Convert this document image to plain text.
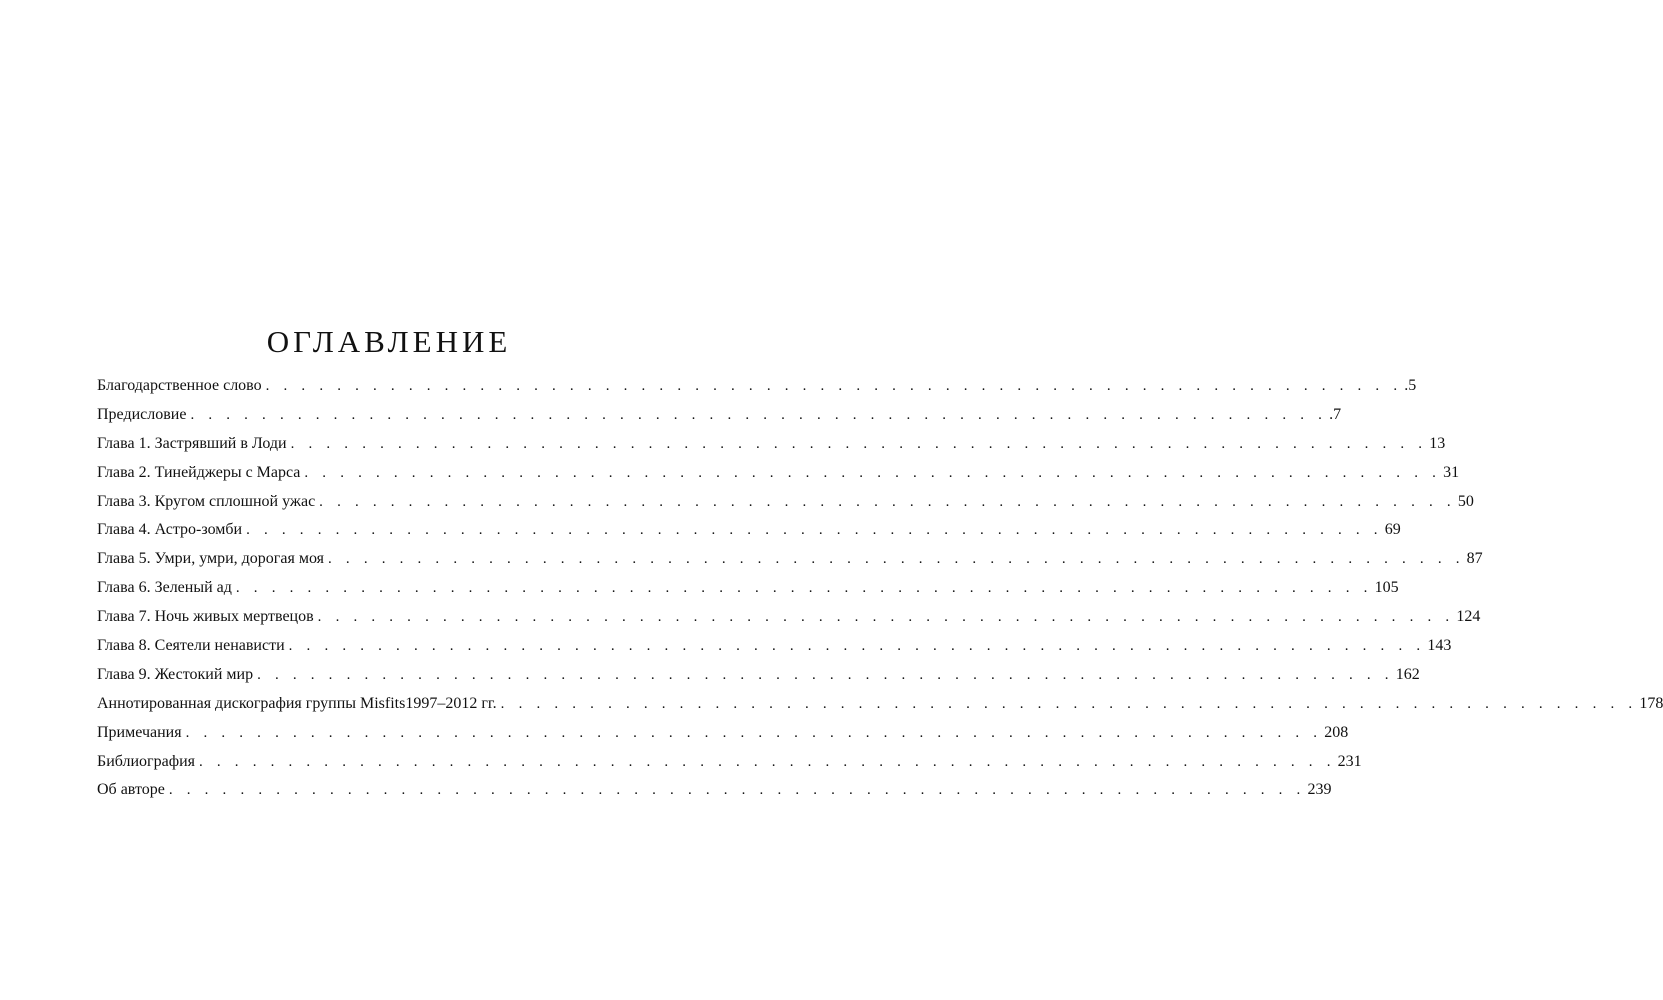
ОГЛАВЛЕНИЕ
Благодарственное слово . . . . . . . . . . . . . . . . . . . . . . . . . . . . . . . . . . . . . . . . . . . . . . . . . . . . . . . . . . . . . . . . .5
Предисловие . . . . . . . . . . . . . . . . . . . . . . . . . . . . . . . . . . . . . . . . . . . . . . . . . . . . . . . . . . . . . . . . .7
Глава 1. Застрявший в Лоди . . . . . . . . . . . . . . . . . . . . . . . . . . . . . . . . . . . . . . . . . . . . . . . . . . . . . . . . . . . . . . . . 13
Глава 2. Тинейджеры с Марса . . . . . . . . . . . . . . . . . . . . . . . . . . . . . . . . . . . . . . . . . . . . . . . . . . . . . . . . . . . . . . . . 31
Глава 3. Кругом сплошной ужас . . . . . . . . . . . . . . . . . . . . . . . . . . . . . . . . . . . . . . . . . . . . . . . . . . . . . . . . . . . . . . . . 50
Глава 4. Астро-зомби . . . . . . . . . . . . . . . . . . . . . . . . . . . . . . . . . . . . . . . . . . . . . . . . . . . . . . . . . . . . . . . . 69
Глава 5. Умри, умри, дорогая моя . . . . . . . . . . . . . . . . . . . . . . . . . . . . . . . . . . . . . . . . . . . . . . . . . . . . . . . . . . . . . . . . 87
Глава 6. Зеленый ад . . . . . . . . . . . . . . . . . . . . . . . . . . . . . . . . . . . . . . . . . . . . . . . . . . . . . . . . . . . . . . . . 105
Глава 7. Ночь живых мертвецов . . . . . . . . . . . . . . . . . . . . . . . . . . . . . . . . . . . . . . . . . . . . . . . . . . . . . . . . . . . . . . . . 124
Глава 8. Сеятели ненависти . . . . . . . . . . . . . . . . . . . . . . . . . . . . . . . . . . . . . . . . . . . . . . . . . . . . . . . . . . . . . . . . 143
Глава 9. Жестокий мир . . . . . . . . . . . . . . . . . . . . . . . . . . . . . . . . . . . . . . . . . . . . . . . . . . . . . . . . . . . . . . . . 162
Аннотированная дискография группы Misfits1997–2012 гг. . . . . . . . . . . . . . . . . . . . . . . . . . . . . . . . . . . . . . . . . . . . . . . . . . . . . . . . . . . . . . . . . 178
Примечания . . . . . . . . . . . . . . . . . . . . . . . . . . . . . . . . . . . . . . . . . . . . . . . . . . . . . . . . . . . . . . . . 208
Библиография . . . . . . . . . . . . . . . . . . . . . . . . . . . . . . . . . . . . . . . . . . . . . . . . . . . . . . . . . . . . . . . . 231
Об авторе . . . . . . . . . . . . . . . . . . . . . . . . . . . . . . . . . . . . . . . . . . . . . . . . . . . . . . . . . . . . . . . . 239
